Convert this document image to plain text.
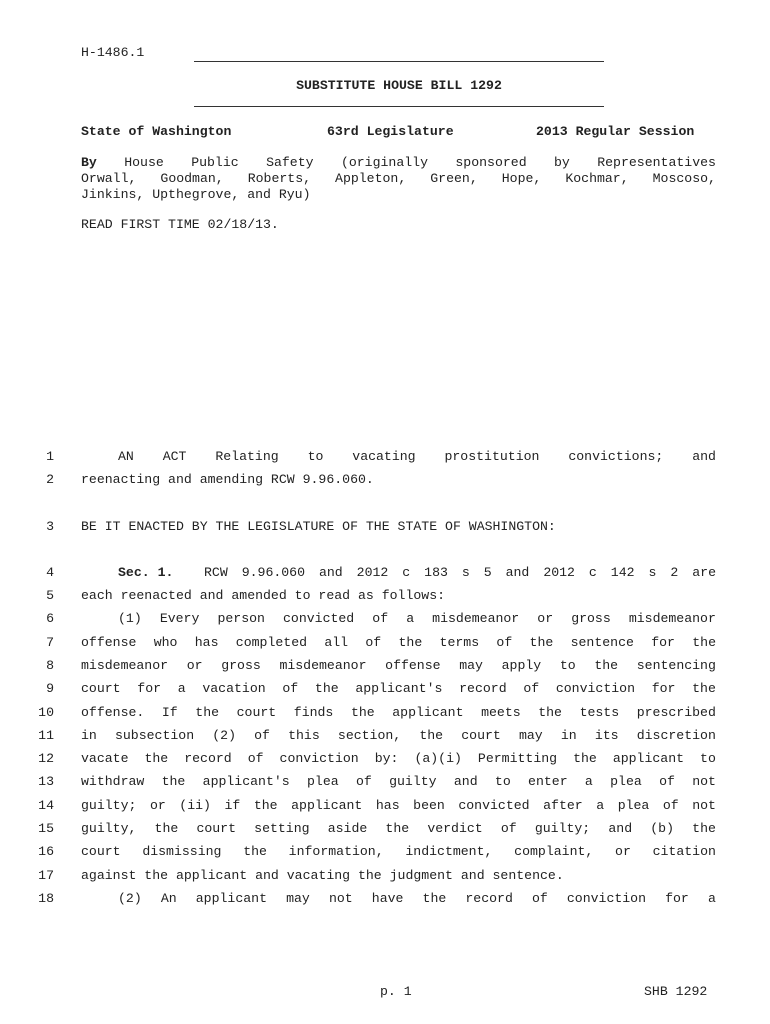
H-1486.1
SUBSTITUTE HOUSE BILL 1292
State of Washington	63rd Legislature	2013 Regular Session
By House Public Safety (originally sponsored by Representatives
Orwall, Goodman, Roberts, Appleton, Green, Hope, Kochmar, Moscoso,
Jinkins, Upthegrove, and Ryu)
READ FIRST TIME 02/18/13.
1
2
3
4
5
6
7
8
9
10
11
12
13
14
15
16
17
18
AN ACT Relating to vacating prostitution convictions; and
reenacting and amending RCW 9.96.060.
BE IT ENACTED BY THE LEGISLATURE OF THE STATE OF WASHINGTON:
Sec. 1. RCW 9.96.060 and 2012 c 183 s 5 and 2012 c 142 s 2 are
each reenacted and amended to read as follows:
(1) Every person convicted of a misdemeanor or gross misdemeanor
offense who has completed all of the terms of the sentence for the
misdemeanor or gross misdemeanor offense may apply to the sentencing
court for a vacation of the applicant's record of conviction for the
offense. If the court finds the applicant meets the tests prescribed
in subsection (2) of this section, the court may in its discretion
vacate the record of conviction by: (a)(i) Permitting the applicant to
withdraw the applicant's plea of guilty and to enter a plea of not
guilty; or (ii) if the applicant has been convicted after a plea of not
guilty, the court setting aside the verdict of guilty; and (b) the
court dismissing the information, indictment, complaint, or citation
against the applicant and vacating the judgment and sentence.
(2) An applicant may not have the record of conviction for a
p. 1	SHB 1292
